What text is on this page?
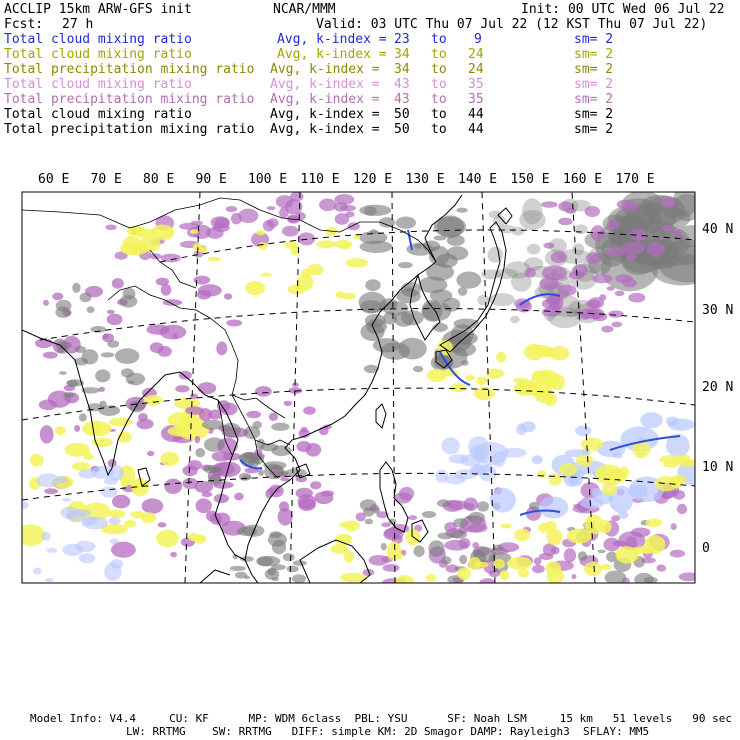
ACCLIP 15km ARW-GFS init	NCAR/MMM	Init: 00 UTC Wed 06 Jul 22
Fcst: 27 h	Valid: 03 UTC Thu 07 Jul 22 (12 KST Thu 07 Jul 22)
Total cloud mixing ratio	Avg, k-index = 23 to 9	sm= 2
Total cloud mixing ratio	Avg, k-index = 34 to 24	sm= 2
Total precipitation mixing ratio Avg, k-index = 34 to 24	sm= 2
Total cloud mixing ratio	Avg, k-index = 43 to 35	sm= 2
Total precipitation mixing ratio Avg, k-index = 43 to 35	sm= 2
Total cloud mixing ratio	Avg, k-index = 50 to 44	sm= 2
Total precipitation mixing ratio Avg, k-index = 50 to 44	sm= 2
60 E 70 E 80 E 90 E 100 E 110 E 120 E 130 E 140 E 150 E 160 E 170 E
40 N
30 N
20 N
10 N
0
Model Info: V4.4     CU: KF      MP: WDM 6class  PBL: YSU      SF: Noah LSM     15 km   51 levels   90 sec
LW: RRTMG    SW: RRTMG   DIFF: simple KM: 2D Smagor DAMP: Rayleigh3  SFLAY: MM5
